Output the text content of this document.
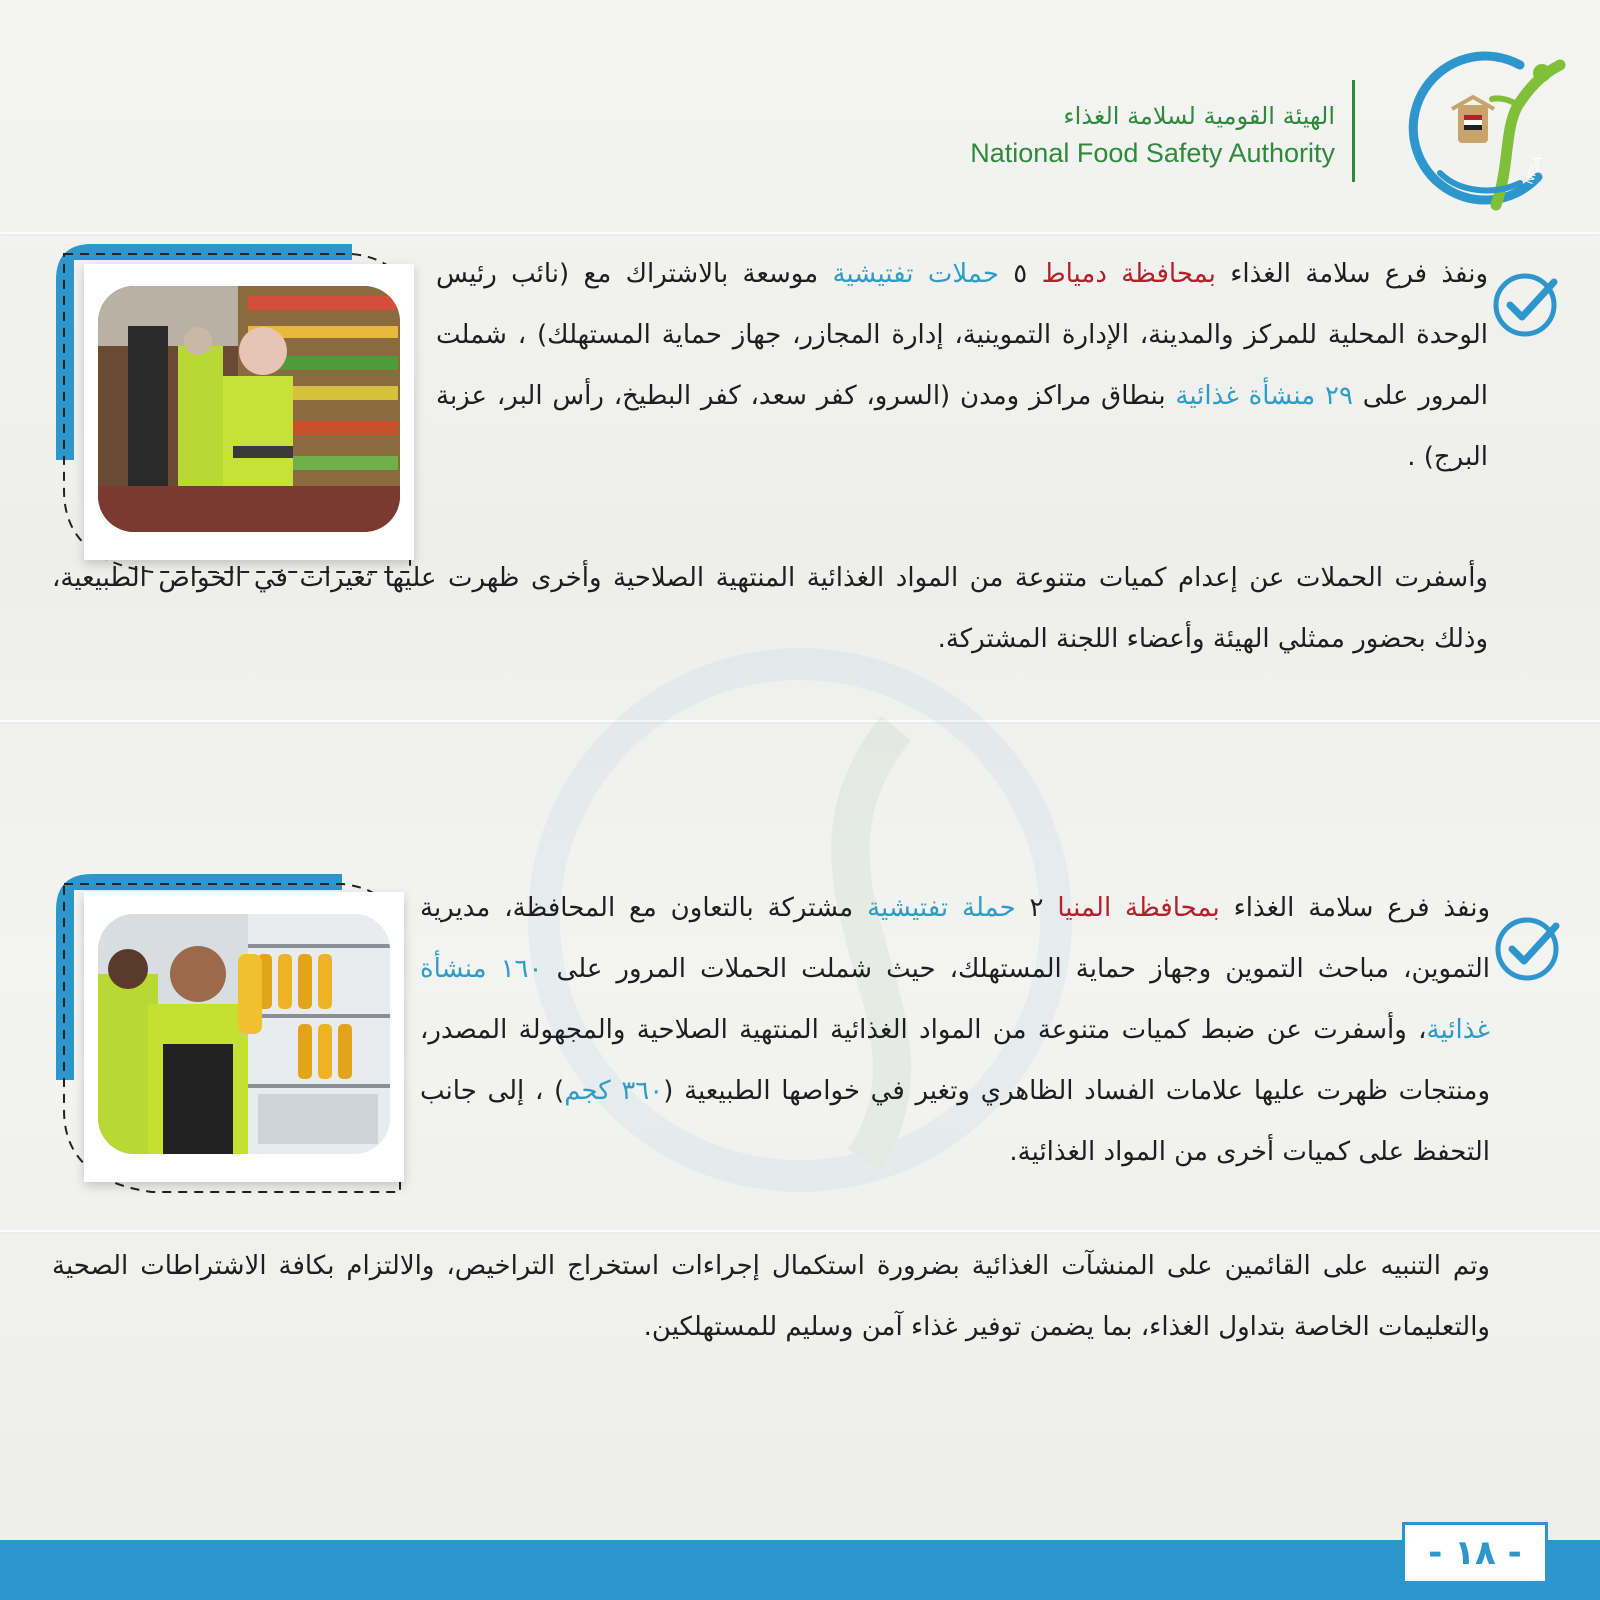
الهيئة القومية لسلامة الغذاء
National Food Safety Authority
NFSA

ونفذ فرع سلامة الغذاء بمحافظة دمياط ٥ حملات تفتيشية موسعة بالاشتراك مع (نائب رئيس الوحدة المحلية للمركز والمدينة، الإدارة التموينية، إدارة المجازر، جهاز حماية المستهلك) ، شملت المرور على ٢٩ منشأة غذائية بنطاق مراكز ومدن (السرو، كفر سعد، كفر البطيخ، رأس البر، عزبة البرج) .

وأسفرت الحملات عن إعدام كميات متنوعة من المواد الغذائية المنتهية الصلاحية وأخرى ظهرت عليها تغيرات في الخواص الطبيعية، وذلك بحضور ممثلي الهيئة وأعضاء اللجنة المشتركة.

ونفذ فرع سلامة الغذاء بمحافظة المنيا ٢ حملة تفتيشية مشتركة بالتعاون مع المحافظة، مديرية التموين، مباحث التموين وجهاز حماية المستهلك، حيث شملت الحملات المرور على ١٦٠ منشأة غذائية، وأسفرت عن ضبط كميات متنوعة من المواد الغذائية المنتهية الصلاحية والمجهولة المصدر، ومنتجات ظهرت عليها علامات الفساد الظاهري وتغير في خواصها الطبيعية (٣٦٠ كجم) ، إلى جانب التحفظ على كميات أخرى من المواد الغذائية.

وتم التنبيه على القائمين على المنشآت الغذائية بضرورة استكمال إجراءات استخراج التراخيص، والالتزام بكافة الاشتراطات الصحية والتعليمات الخاصة بتداول الغذاء، بما يضمن توفير غذاء آمن وسليم للمستهلكين.

- ١٨ -
